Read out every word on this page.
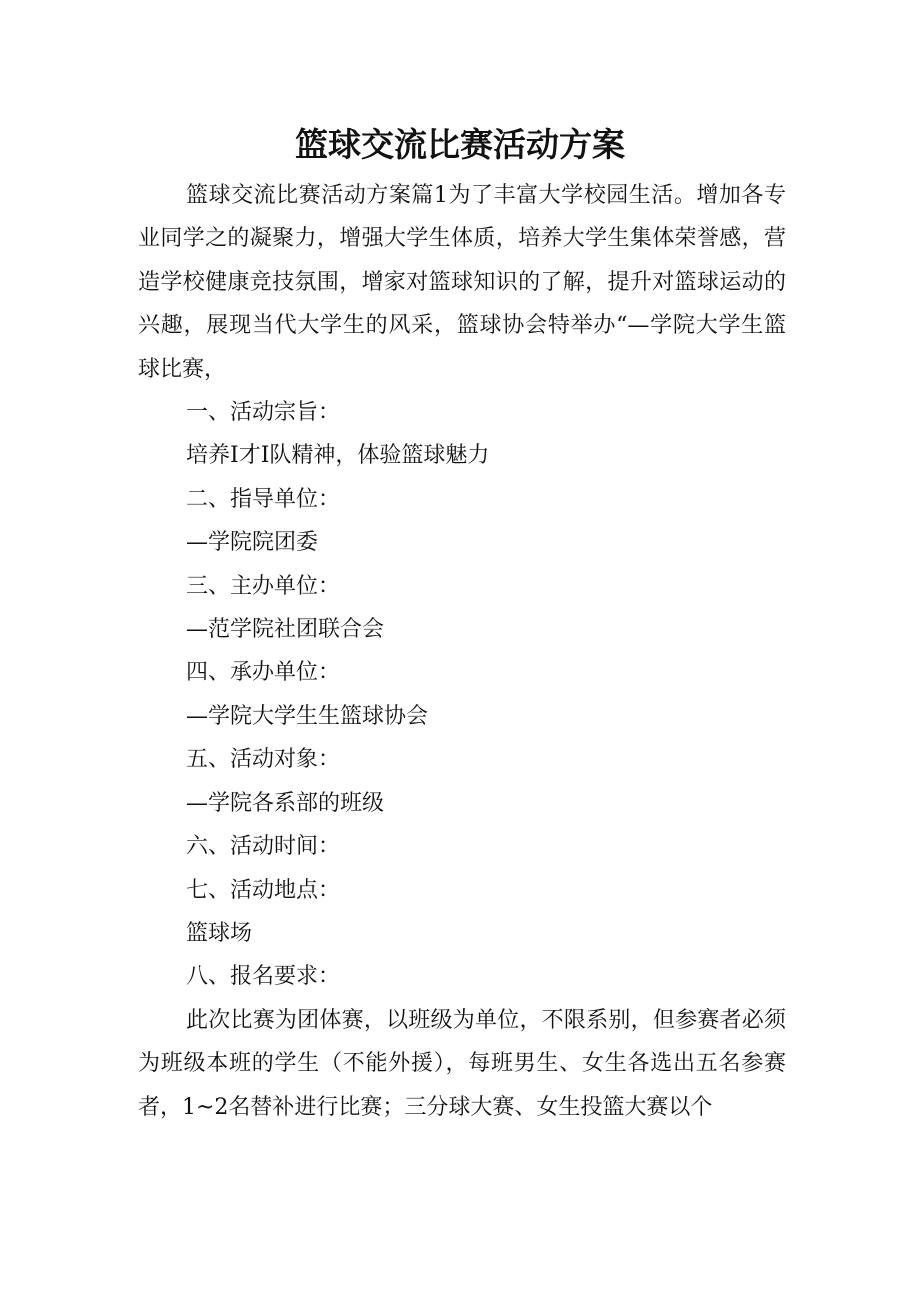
篮球交流比赛活动方案

篮球交流比赛活动方案篇1为了丰富大学校园生活。增加各专业同学之的凝聚力，增强大学生体质，培养大学生集体荣誉感，营造学校健康竞技氛围，增家对篮球知识的了解，提升对篮球运动的兴趣，展现当代大学生的风采，篮球协会特举办“—学院大学生篮球比赛，

一、活动宗旨：

培养I才I队精神，体验篮球魅力

二、指导单位：

—学院院团委

三、主办单位：

—范学院社团联合会

四、承办单位：

—学院大学生生篮球协会

五、活动对象：

—学院各系部的班级

六、活动时间：

七、活动地点：

篮球场

八、报名要求：

此次比赛为团体赛，以班级为单位，不限系别，但参赛者必须为班级本班的学生（不能外援），每班男生、女生各选出五名参赛者，1~2名替补进行比赛；三分球大赛、女生投篮大赛以个
